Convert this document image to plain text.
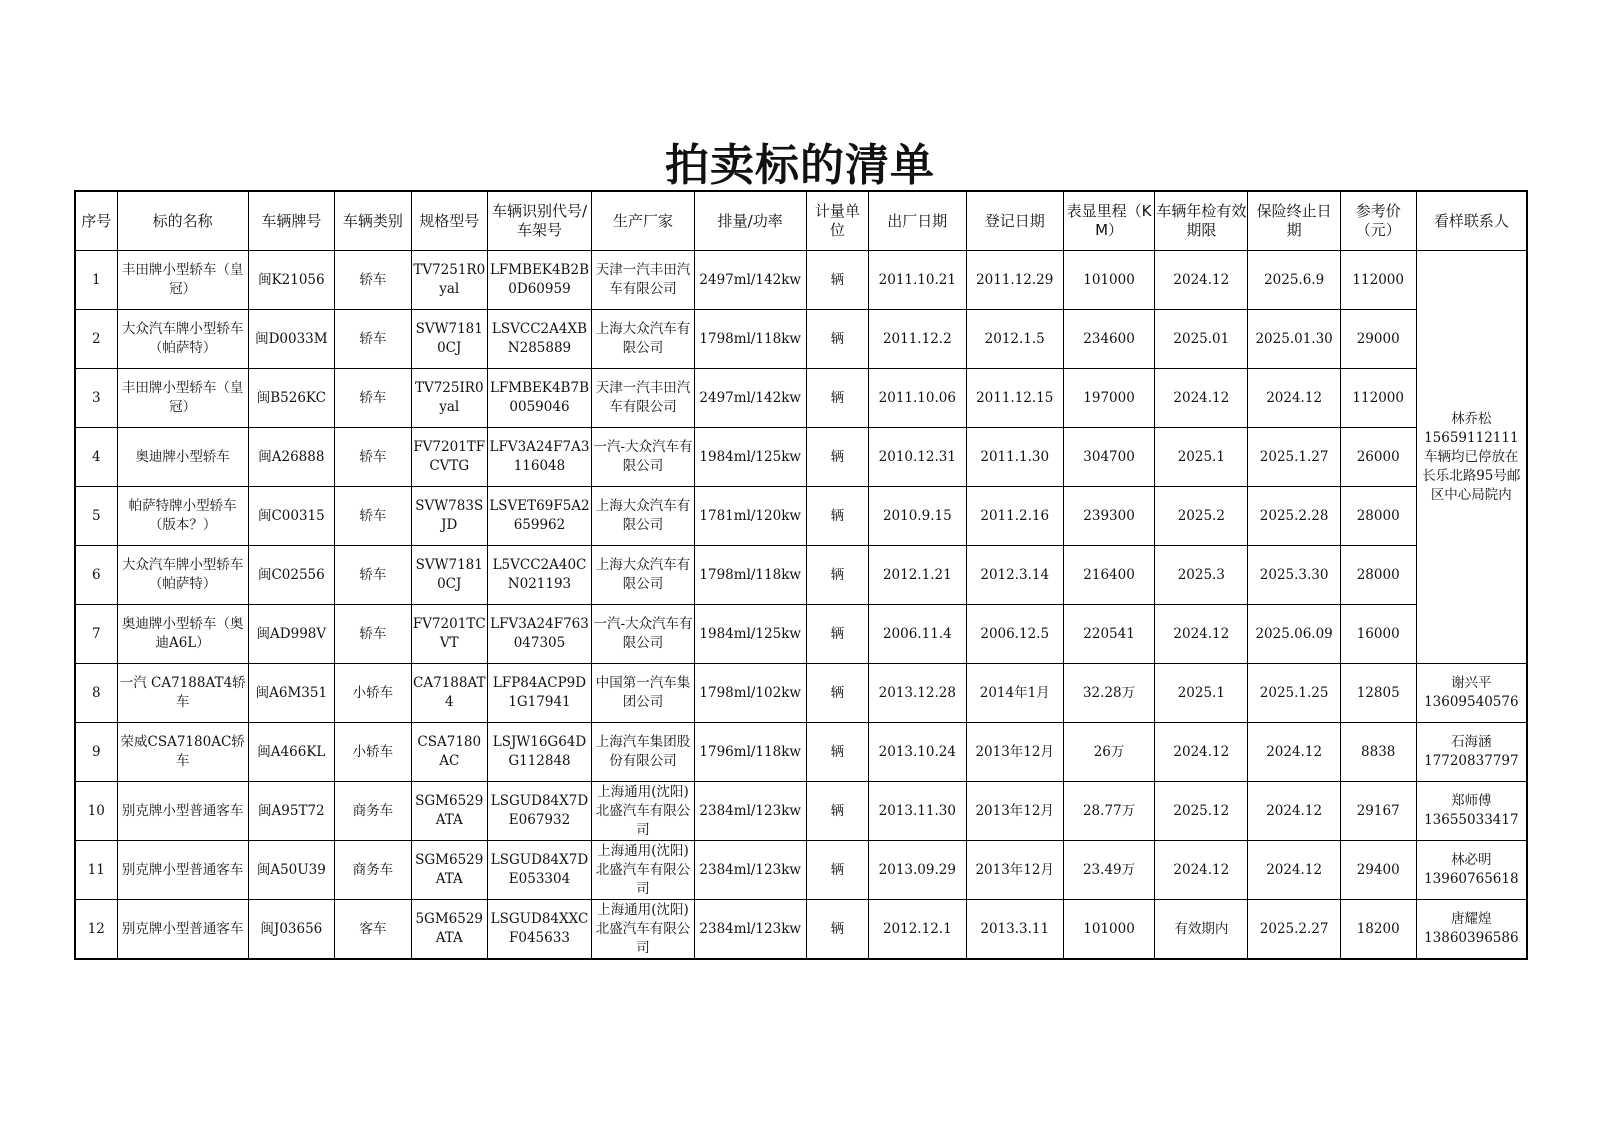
拍卖标的清单
序号	标的名称	车辆牌号	车辆类别	规格型号	车辆识别代号/ 车架号	生产厂家	排量/功率	计量单位	出厂日期	登记日期	表显里程（KM）	车辆年检有效期限	保险终止日期	参考价（元）	看样联系人
1	丰田牌小型轿车（皇冠）	闽K21056	轿车	TV7251R0yal	LFMBEK4B2B0D60959	天津一汽丰田汽车有限公司	2497ml/142kw	辆	2011.10.21	2011.12.29	101000	2024.12	2025.6.9	112000	林乔松
15659112111
车辆均已停放在长乐北路95号邮区中心局院内

2	大众汽车牌小型轿车（帕萨特）	闽D0033M	轿车	SVW71810CJ	LSVCC2A4XBN285889	上海大众汽车有限公司	1798ml/118kw	辆	2011.12.2	2012.1.5	234600	2025.01	2025.01.30	29000	
3	丰田牌小型轿车（皇冠）	闽B526KC	轿车	TV725IR0yal	LFMBEK4B7B0059046	天津一汽丰田汽车有限公司	2497ml/142kw	辆	2011.10.06	2011.12.15	197000	2024.12	2024.12	112000	
4	奥迪牌小型轿车	闽A26888	轿车	FV7201TFCVTG	LFV3A24F7A3116048	一汽-大众汽车有限公司	1984ml/125kw	辆	2010.12.31	2011.1.30	304700	2025.1	2025.1.27	26000	
5	帕萨特牌小型轿车（版本？）	闽C00315	轿车	SVW783SJD	LSVET69F5A2659962	上海大众汽车有限公司	1781ml/120kw	辆	2010.9.15	2011.2.16	239300	2025.2	2025.2.28	28000	
6	大众汽车牌小型轿车（帕萨特）	闽C02556	轿车	SVW71810CJ	L5VCC2A40CN021193	上海大众汽车有限公司	1798ml/118kw	辆	2012.1.21	2012.3.14	216400	2025.3	2025.3.30	28000	
7	奥迪牌小型轿车（奥迪A6L）	闽AD998V	轿车	FV7201TCVT	LFV3A24F763047305	一汽-大众汽车有限公司	1984ml/125kw	辆	2006.11.4	2006.12.5	220541	2024.12	2025.06.09	16000	
8	一汽 CA7188AT4轿车	闽A6M351	小轿车	CA7188AT4	LFP84ACP9D1G17941	中国第一汽车集团公司	1798ml/102kw	辆	2013.12.28	2014年1月	32.28万	2025.1	2025.1.25	12805	谢兴平
13609540576

9	荣威CSA7180AC轿车	闽A466KL	小轿车	CSA7180AC	LSJW16G64DG112848	上海汽车集团股份有限公司	1796ml/118kw	辆	2013.10.24	2013年12月	26万	2024.12	2024.12	8838	石海涵
17720837797

10	别克牌小型普通客车	闽A95T72	商务车	SGM6529ATA	LSGUD84X7DE067932	上海通用(沈阳)北盛汽车有限公司	2384ml/123kw	辆	2013.11.30	2013年12月	28.77万	2025.12	2024.12	29167	郑师傅
13655033417

11	别克牌小型普通客车	闽A50U39	商务车	SGM6529ATA	LSGUD84X7DE053304	上海通用(沈阳)北盛汽车有限公司	2384ml/123kw	辆	2013.09.29	2013年12月	23.49万	2024.12	2024.12	29400	林必明
13960765618

12	别克牌小型普通客车	闽J03656	客车	5GM6529ATA	LSGUD84XXCF045633	上海通用(沈阳)北盛汽车有限公司	2384ml/123kw	辆	2012.12.1	2013.3.11	101000	有效期内	2025.2.27	18200	唐耀煌
13860396586
